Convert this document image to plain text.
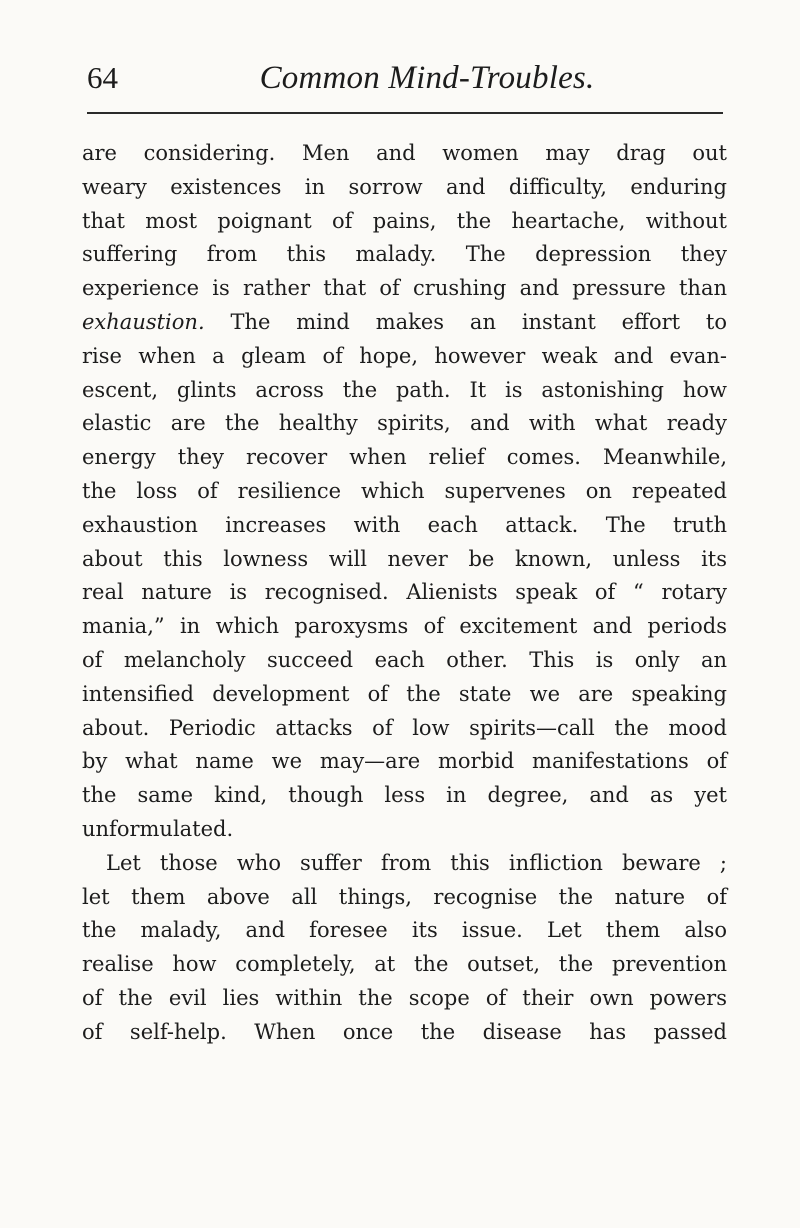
64	Common Mind-Troubles.
are considering. Men and women may drag out
weary existences in sorrow and difficulty, enduring
that most poignant of pains, the heartache, without
suffering from this malady. The depression they
experience is rather that of crushing and pressure than
exhaustion. The mind makes an instant effort to
rise when a gleam of hope, however weak and evan-
escent, glints across the path. It is astonishing how
elastic are the healthy spirits, and with what ready
energy they recover when relief comes. Meanwhile,
the loss of resilience which supervenes on repeated
exhaustion increases with each attack. The truth
about this lowness will never be known, unless its
real nature is recognised. Alienists speak of “ rotary
mania,” in which paroxysms of excitement and periods
of melancholy succeed each other. This is only an
intensified development of the state we are speaking
about. Periodic attacks of low spirits—call the mood
by what name we may—are morbid manifestations of
the same kind, though less in degree, and as yet
unformulated.
Let those who suffer from this infliction beware ;
let them above all things, recognise the nature of
the malady, and foresee its issue. Let them also
realise how completely, at the outset, the prevention
of the evil lies within the scope of their own powers
of self-help. When once the disease has passed
